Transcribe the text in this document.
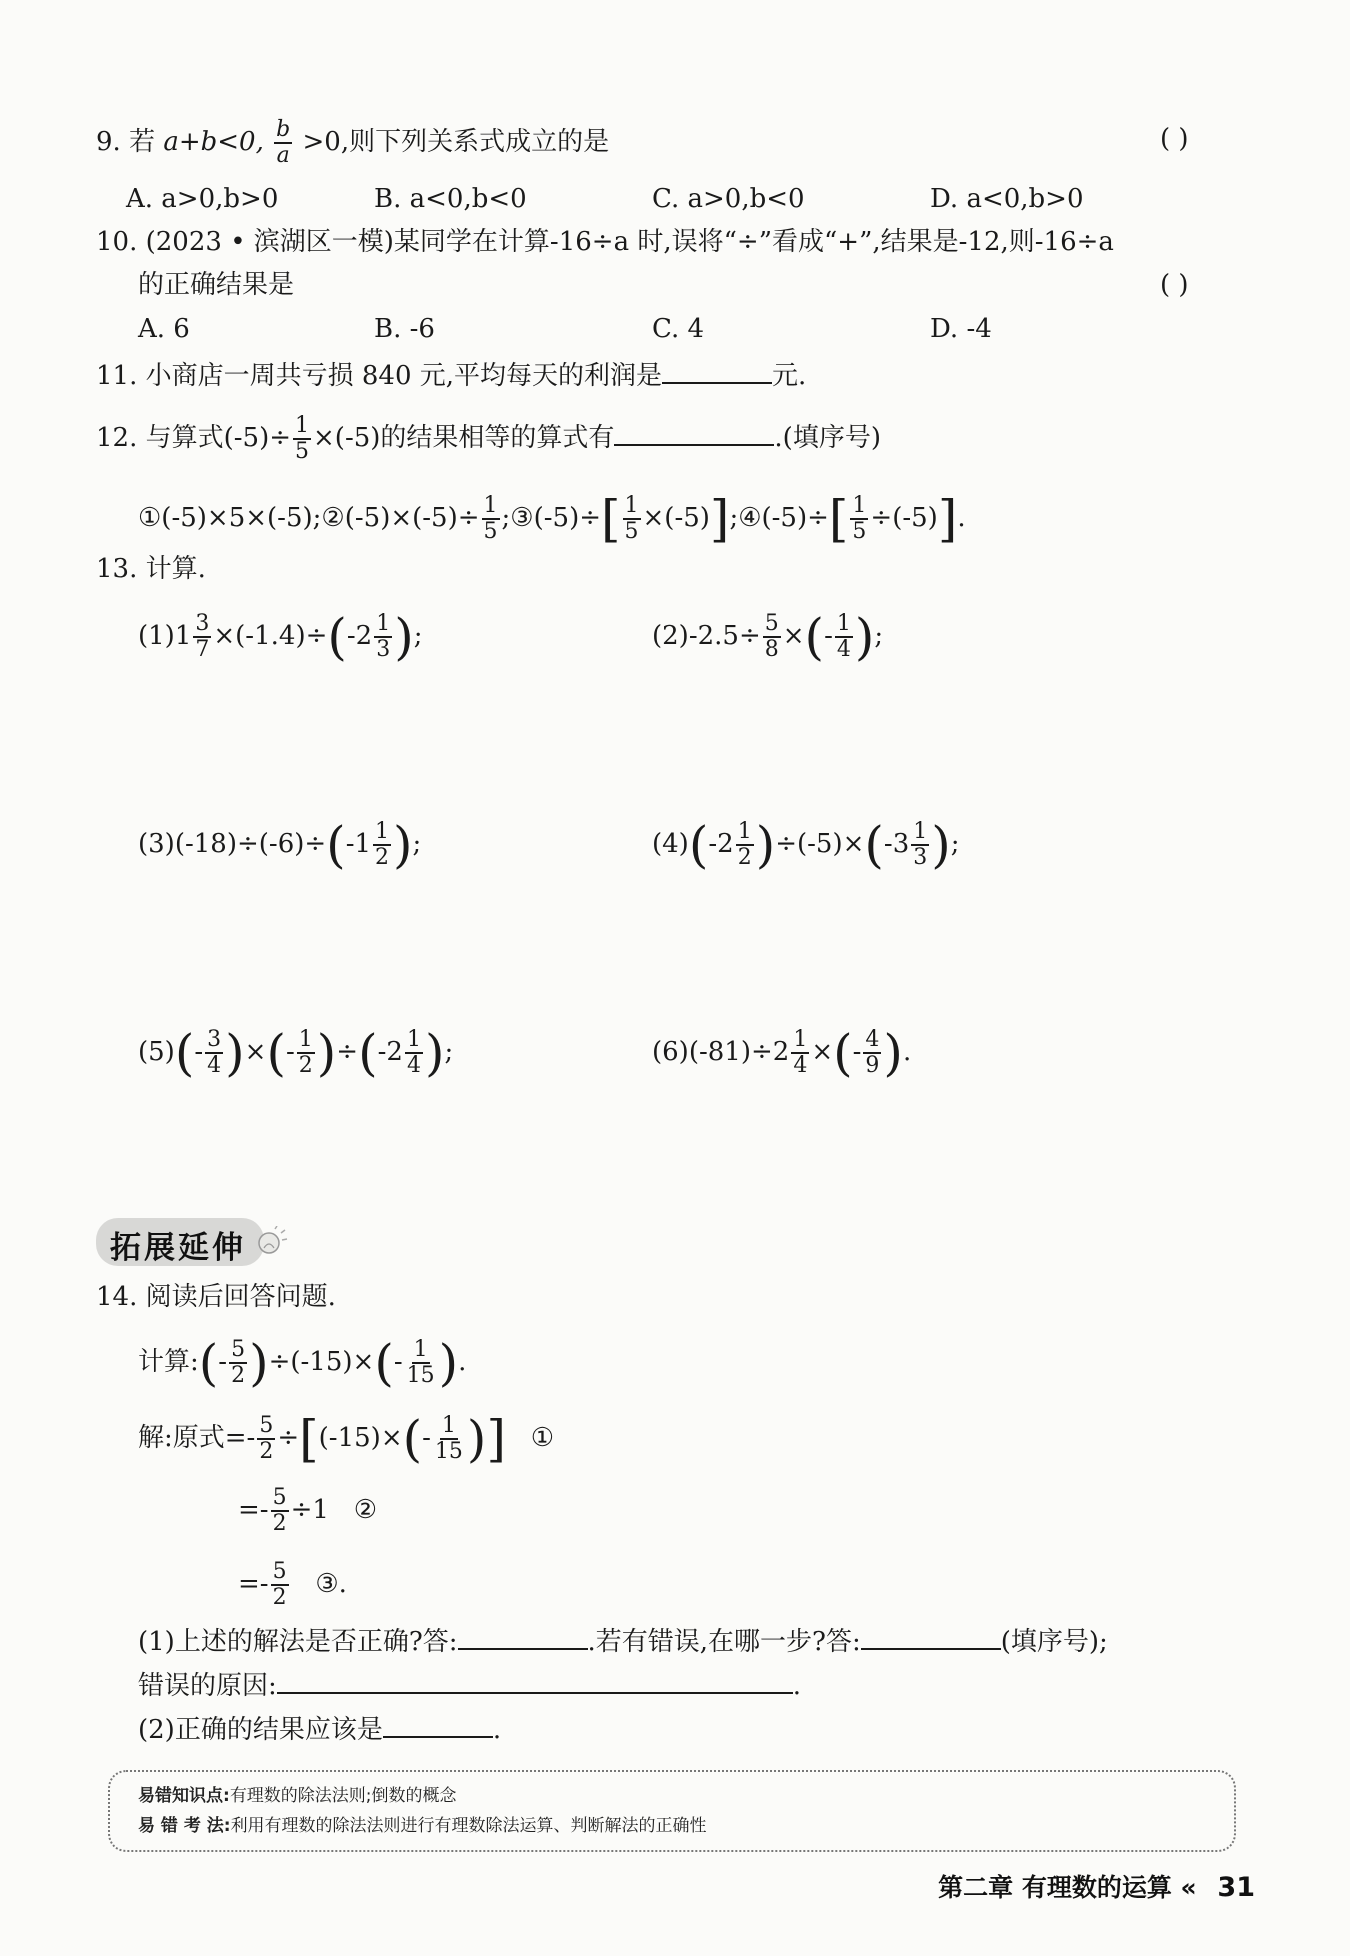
9. 若 a+b<0, $\frac{b}{a} >0$,则下列关系式成立的是	( )
A. a>0,b>0	B. a<0,b<0	C. a>0,b<0	D. a<0,b>0
10. (2023 • 滨湖区一模)某同学在计算-16÷a 时,误将“÷”看成“+”,结果是-12,则-16÷a
的正确结果是	( )
A. 6	B. -6	C. 4	D. -4
11. 小商店一周共亏损 840 元,平均每天的利润是	元.
12. 与算式$(-5)\div \frac{1}{5} \times(-5)$的结果相等的算式有	.(填序号)
①(-5)×5×(-5);②(-5)×(-5)÷ $\frac{1}{5}$ ;③(-5)÷[ $\frac{1}{5}$ ×(-5)];④(-5)÷[ $\frac{1}{5} \div(-5)$].
13. 计算.
$(1)1 \frac{3}{7} \times(-1.4)\div(-2 \frac{1}{3}$ );	$(2)-2.5\div \frac{5}{8}$ ×(- $\frac{1}{4}$ );
$(3)(-18)\div(-6)\div(-1 \frac{1}{2}$ );	$(4)(-2 \frac{1}{2} )\div(-5)\times(-3 \frac{1}{3}$ );
$(5)(- \frac{3}{4}$ )×(- $\frac{1}{2} )\div(-2 \frac{1}{4}$ );	$(6)(-81)\div 2 \frac{1}{4}$ ×(- $\frac{4}{9}$ ).
拓展延伸
14. 阅读后回答问题.
计算:(- $\frac{5}{2} )\div(-15)\times(- \frac{1}{15}$ ).
解:原式=- $\frac{5}{2} \div[(-15)\times(- \frac{1}{15}$ )] ①
=- $\frac{5}{2} \div 1$ ②
=- $\frac{5}{2}$ ③.
(1)上述的解法是否正确?答:	.若有错误,在哪一步?答:	(填序号);
错误的原因:	.
(2)正确的结果应该是	.
易错知识点:有理数的除法法则;倒数的概念
易 错 考 法:利用有理数的除法法则进行有理数除法运算、判断解法的正确性
第二章 有理数的运算 « 31
